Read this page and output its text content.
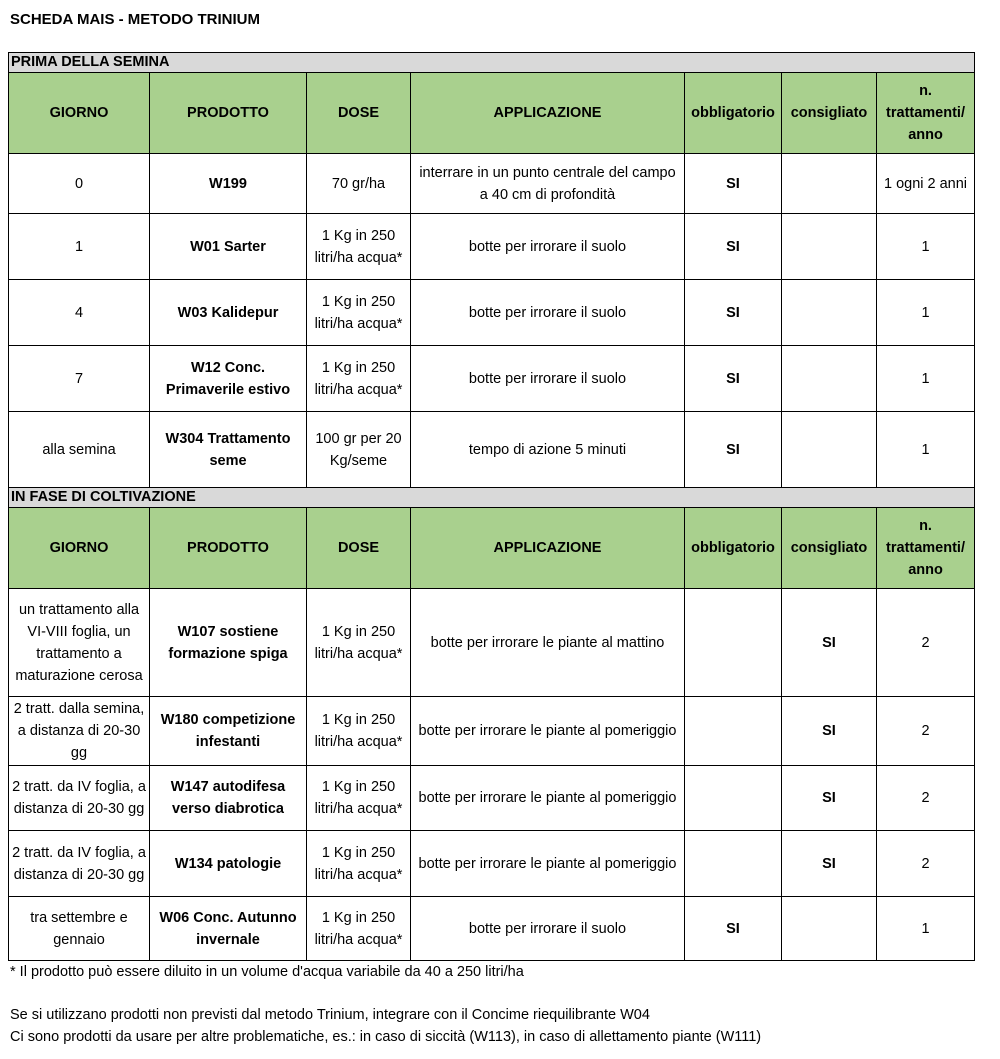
SCHEDA MAIS - METODO TRINIUM
PRIMA DELLA SEMINA						
GIORNO	PRODOTTO	DOSE	APPLICAZIONE	obbligatorio	consigliato	n. trattamenti/ anno
0	W199	70 gr/ha	interrare in un punto centrale del campo a 40 cm di profondità	SI		1 ogni 2 anni
1	W01 Sarter	1 Kg in 250 litri/ha acqua*	botte per irrorare il suolo	SI		1
4	W03 Kalidepur	1 Kg in 250 litri/ha acqua*	botte per irrorare il suolo	SI		1
7	W12 Conc. Primaverile estivo	1 Kg in 250 litri/ha acqua*	botte per irrorare il suolo	SI		1
alla semina	W304 Trattamento seme	100 gr per 20 Kg/seme	tempo di azione 5 minuti	SI		1
IN FASE DI COLTIVAZIONE						
GIORNO	PRODOTTO	DOSE	APPLICAZIONE	obbligatorio	consigliato	n. trattamenti/ anno
un trattamento alla VI-VIII foglia, un trattamento a maturazione cerosa	W107 sostiene formazione spiga	1 Kg in 250 litri/ha acqua*	botte per irrorare le piante al mattino		SI	2
2 tratt. dalla semina, a distanza di 20-30 gg	W180 competizione infestanti	1 Kg in 250 litri/ha acqua*	botte per irrorare le piante al pomeriggio		SI	2
2 tratt. da IV foglia, a distanza di 20-30 gg	W147 autodifesa verso diabrotica	1 Kg in 250 litri/ha acqua*	botte per irrorare le piante al pomeriggio		SI	2
2 tratt. da IV foglia, a distanza di 20-30 gg	W134 patologie	1 Kg in 250 litri/ha acqua*	botte per irrorare le piante al pomeriggio		SI	2
tra settembre e gennaio	W06 Conc. Autunno invernale	1 Kg in 250 litri/ha acqua*	botte per irrorare il suolo	SI		1
* Il prodotto può essere diluito in un volume d'acqua variabile da 40 a 250 litri/ha
Se si utilizzano prodotti non previsti dal metodo Trinium, integrare con il Concime riequilibrante W04
Ci sono prodotti da usare per altre problematiche, es.: in caso di siccità (W113), in caso di allettamento piante (W111)
